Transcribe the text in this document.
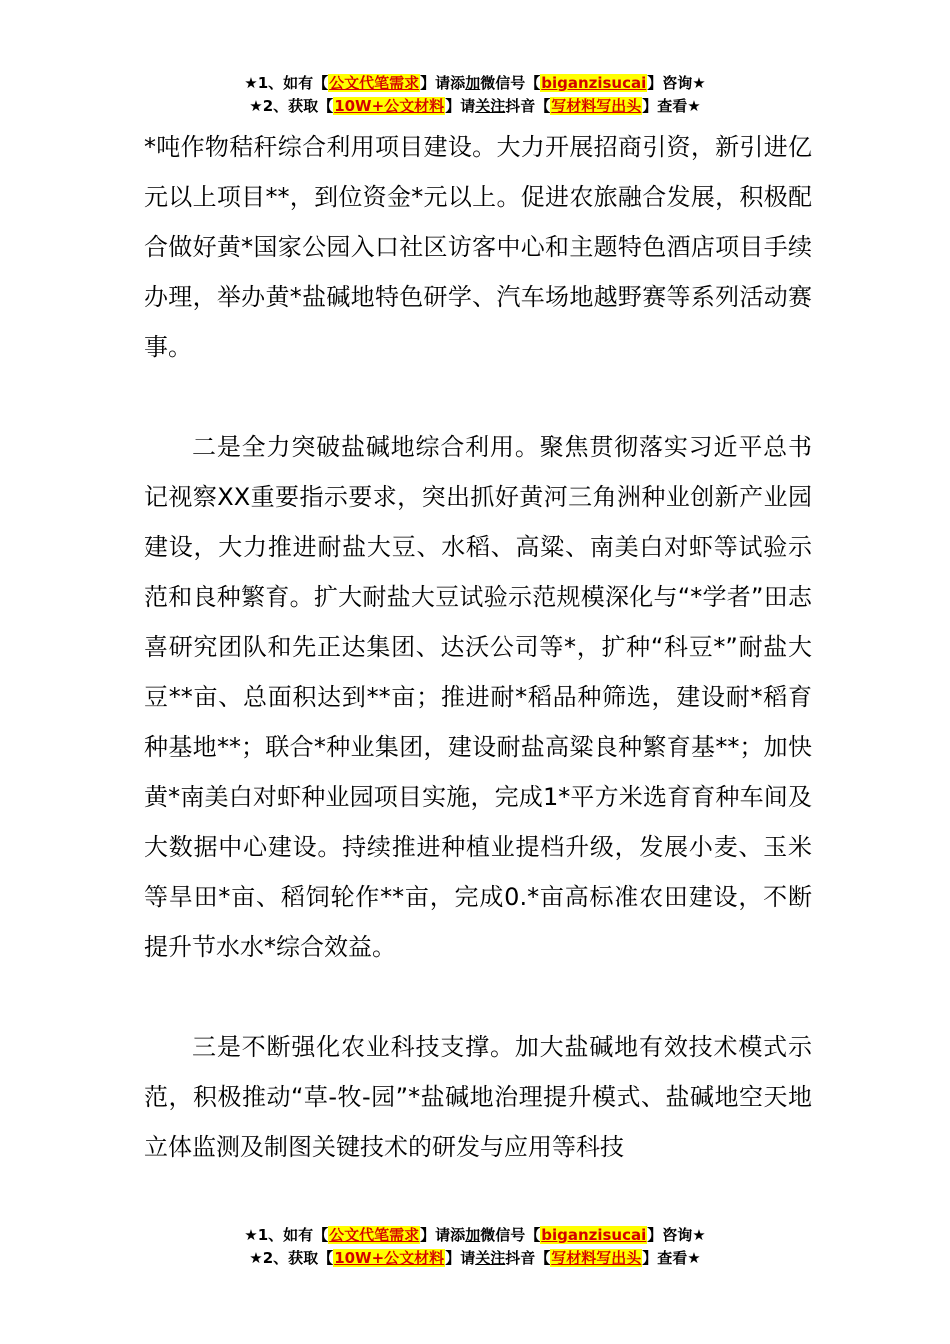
★1、如有【公文代笔需求】请添加微信号【biganzisucai】咨询★
★2、获取【10W+公文材料】请关注抖音【写材料写出头】查看★

*吨作物秸秆综合利用项目建设。大力开展招商引资，新引进亿元以上项目**，到位资金*元以上。促进农旅融合发展，积极配合做好黄*国家公园入口社区访客中心和主题特色酒店项目手续办理，举办黄*盐碱地特色研学、汽车场地越野赛等系列活动赛事。

二是全力突破盐碱地综合利用。聚焦贯彻落实习近平总书记视察XX重要指示要求，突出抓好黄河三角洲种业创新产业园建设，大力推进耐盐大豆、水稻、高粱、南美白对虾等试验示范和良种繁育。扩大耐盐大豆试验示范规模深化与“*学者”田志喜研究团队和先正达集团、达沃公司等*，扩种“科豆*”耐盐大豆**亩、总面积达到**亩；推进耐*稻品种筛选，建设耐*稻育种基地**；联合*种业集团，建设耐盐高粱良种繁育基**；加快黄*南美白对虾种业园项目实施，完成1*平方米选育育种车间及大数据中心建设。持续推进种植业提档升级，发展小麦、玉米等旱田*亩、稻饲轮作**亩，完成0.*亩高标准农田建设，不断提升节水水*综合效益。

三是不断强化农业科技支撑。加大盐碱地有效技术模式示范，积极推动“草-牧-园”*盐碱地治理提升模式、盐碱地空天地立体监测及制图关键技术的研发与应用等科技

★1、如有【公文代笔需求】请添加微信号【biganzisucai】咨询★
★2、获取【10W+公文材料】请关注抖音【写材料写出头】查看★
